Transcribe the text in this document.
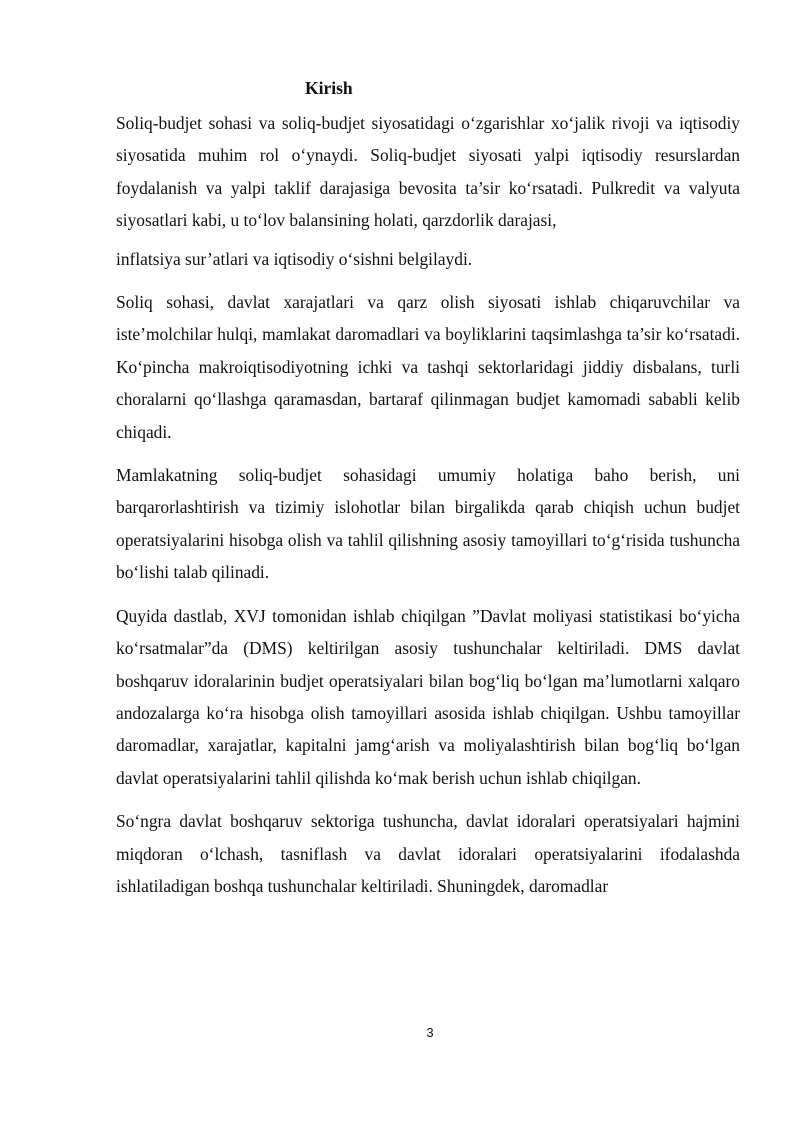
Kirish

Soliq-budjet sohasi va soliq-budjet siyosatidagi o‘zgarishlar xo‘jalik rivoji va iqtisodiy siyosatida muhim rol o‘ynaydi. Soliq-budjet siyosati yalpi iqtisodiy resurslardan foydalanish va yalpi taklif darajasiga bevosita ta’sir ko‘rsatadi. Pulkredit va valyuta siyosatlari kabi, u to‘lov balansining holati, qarzdorlik darajasi,

inflatsiya sur’atlari va iqtisodiy o‘sishni belgilaydi.

Soliq sohasi, davlat xarajatlari va qarz olish siyosati ishlab chiqaruvchilar va iste’molchilar hulqi, mamlakat daromadlari va boyliklarini taqsimlashga ta’sir ko‘rsatadi. Ko‘pincha makroiqtisodiyotning ichki va tashqi sektorlaridagi jiddiy disbalans, turli choralarni qo‘llashga qaramasdan, bartaraf qilinmagan budjet kamomadi sababli kelib chiqadi.

Mamlakatning soliq-budjet sohasidagi umumiy holatiga baho berish, uni barqarorlashtirish va tizimiy islohotlar bilan birgalikda qarab chiqish uchun budjet operatsiyalarini hisobga olish va tahlil qilishning asosiy tamoyillari to‘g‘risida tushuncha bo‘lishi talab qilinadi.

Quyida dastlab, XVJ tomonidan ishlab chiqilgan ”Davlat moliyasi statistikasi bo‘yicha ko‘rsatmalar”da (DMS) keltirilgan asosiy tushunchalar keltiriladi. DMS davlat boshqaruv idoralarinin budjet operatsiyalari bilan bog‘liq bo‘lgan ma’lumotlarni xalqaro andozalarga ko‘ra hisobga olish tamoyillari asosida ishlab chiqilgan. Ushbu tamoyillar daromadlar, xarajatlar, kapitalni jamg‘arish va moliyalashtirish bilan bog‘liq bo‘lgan davlat operatsiyalarini tahlil qilishda ko‘mak berish uchun ishlab chiqilgan.

So‘ngra davlat boshqaruv sektoriga tushuncha, davlat idoralari operatsiyalari hajmini miqdoran o‘lchash, tasniflash va davlat idoralari operatsiyalarini ifodalashda ishlatiladigan boshqa tushunchalar keltiriladi. Shuningdek, daromadlar

3
